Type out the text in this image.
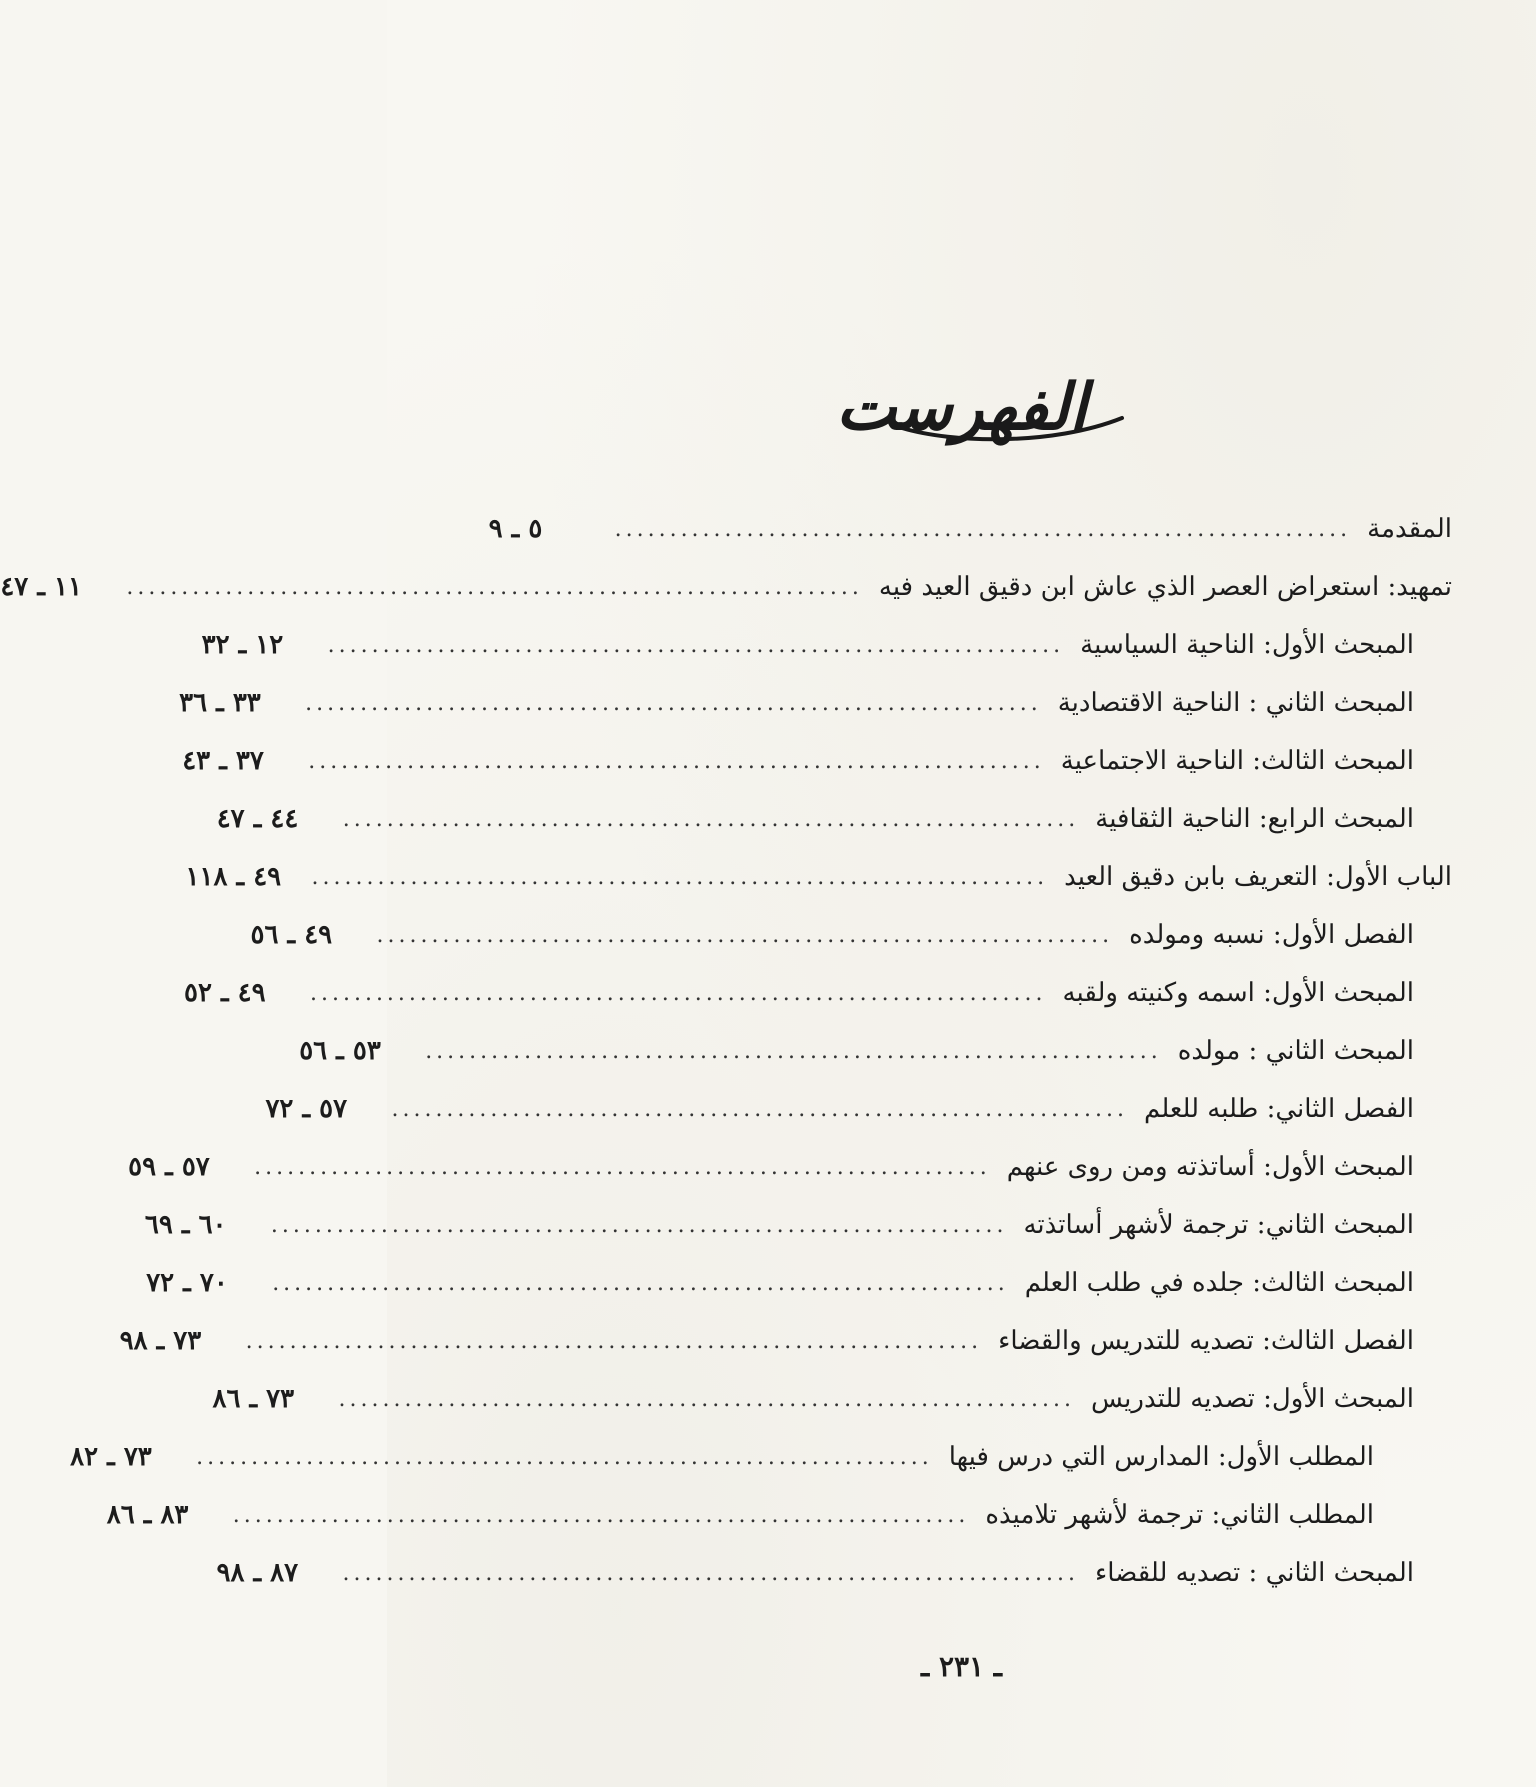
الفهرست
المقدمة
...................................................................
٥ ـ ٩
تمهيد: استعراض العصر الذي عاش ابن دقيق العيد فيه
...................................................................
١١ ـ ٤٧
المبحث الأول: الناحية السياسية
...................................................................
١٢ ـ ٣٢
المبحث الثاني : الناحية الاقتصادية
...................................................................
٣٣ ـ ٣٦
المبحث الثالث: الناحية الاجتماعية
...................................................................
٣٧ ـ ٤٣
المبحث الرابع: الناحية الثقافية
...................................................................
٤٤ ـ ٤٧
الباب الأول: التعريف بابن دقيق العيد
...................................................................
٤٩ ـ ١١٨
الفصل الأول: نسبه ومولده
...................................................................
٤٩ ـ ٥٦
المبحث الأول: اسمه وكنيته ولقبه
...................................................................
٤٩ ـ ٥٢
المبحث الثاني : مولده
...................................................................
٥٣ ـ ٥٦
الفصل الثاني: طلبه للعلم
...................................................................
٥٧ ـ ٧٢
المبحث الأول: أساتذته ومن روى عنهم
...................................................................
٥٧ ـ ٥٩
المبحث الثاني: ترجمة لأشهر أساتذته
...................................................................
٦٠ ـ ٦٩
المبحث الثالث: جلده في طلب العلم
...................................................................
٧٠ ـ ٧٢
الفصل الثالث: تصديه للتدريس والقضاء
...................................................................
٧٣ ـ ٩٨
المبحث الأول: تصديه للتدريس
...................................................................
٧٣ ـ ٨٦
المطلب الأول: المدارس التي درس فيها
...................................................................
٧٣ ـ ٨٢
المطلب الثاني: ترجمة لأشهر تلاميذه
...................................................................
٨٣ ـ ٨٦
المبحث الثاني : تصديه للقضاء
...................................................................
٨٧ ـ ٩٨
ـ ٢٣١ ـ
